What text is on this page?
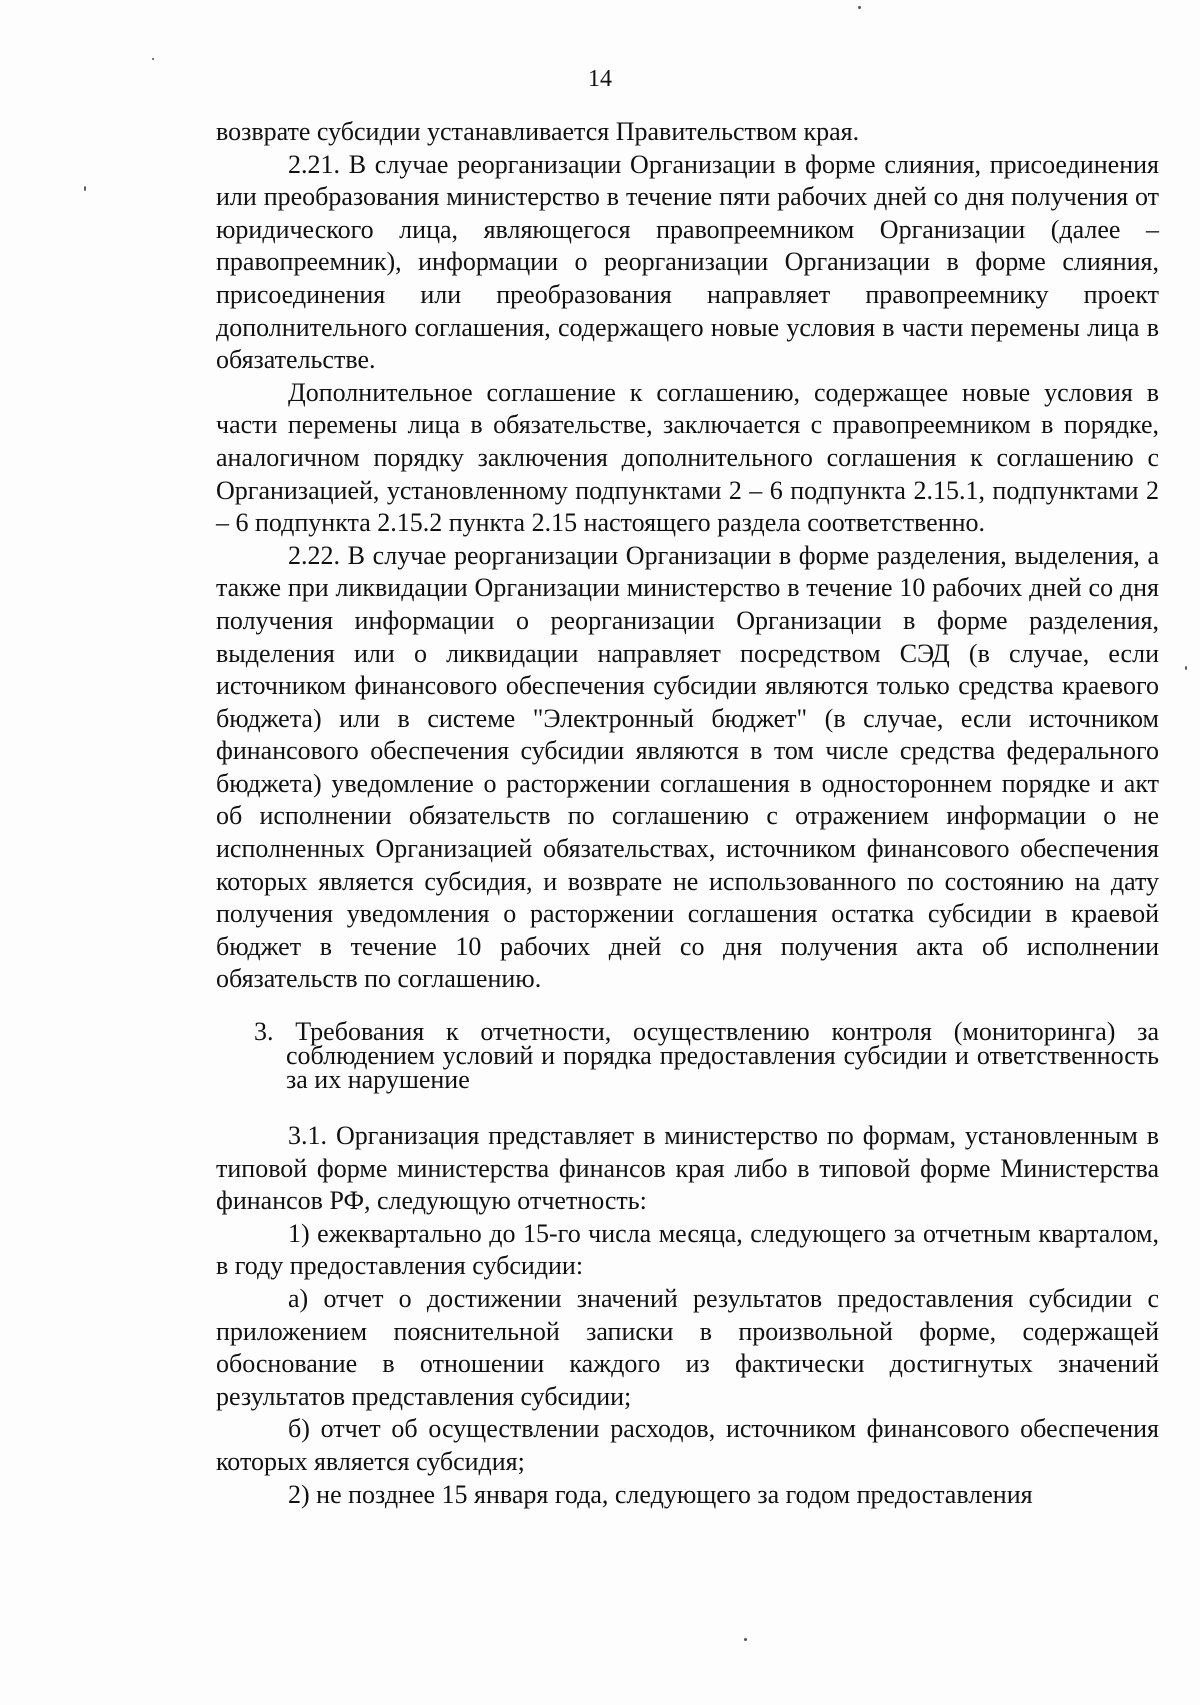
14

возврате субсидии устанавливается Правительством края.

2.21. В случае реорганизации Организации в форме слияния, присоединения или преобразования министерство в течение пяти рабочих дней со дня получения от юридического лица, являющегося правопреемником Организации (далее – правопреемник), информации о реорганизации Организации в форме слияния, присоединения или преобразования направляет правопреемнику проект дополнительного соглашения, содержащего новые условия в части перемены лица в обязательстве.

Дополнительное соглашение к соглашению, содержащее новые условия в части перемены лица в обязательстве, заключается с правопреемником в порядке, аналогичном порядку заключения дополнительного соглашения к соглашению с Организацией, установленному подпунктами 2 – 6 подпункта 2.15.1, подпунктами 2 – 6 подпункта 2.15.2 пункта 2.15 настоящего раздела соответственно.

2.22. В случае реорганизации Организации в форме разделения, выделения, а также при ликвидации Организации министерство в течение 10 рабочих дней со дня получения информации о реорганизации Организации в форме разделения, выделения или о ликвидации направляет посредством СЭД (в случае, если источником финансового обеспечения субсидии являются только средства краевого бюджета) или в системе "Электронный бюджет" (в случае, если источником финансового обеспечения субсидии являются в том числе средства федерального бюджета) уведомление о расторжении соглашения в одностороннем порядке и акт об исполнении обязательств по соглашению с отражением информации о не исполненных Организацией обязательствах, источником финансового обеспечения которых является субсидия, и возврате не использованного по состоянию на дату получения уведомления о расторжении соглашения остатка субсидии в краевой бюджет в течение 10 рабочих дней со дня получения акта об исполнении обязательств по соглашению.

3. Требования к отчетности, осуществлению контроля (мониторинга) за соблюдением условий и порядка предоставления субсидии и ответственность за их нарушение

3.1. Организация представляет в министерство по формам, установленным в типовой форме министерства финансов края либо в типовой форме Министерства финансов РФ, следующую отчетность:

1) ежеквартально до 15-го числа месяца, следующего за отчетным кварталом, в году предоставления субсидии:

а) отчет о достижении значений результатов предоставления субсидии с приложением пояснительной записки в произвольной форме, содержащей обоснование в отношении каждого из фактически достигнутых значений результатов представления субсидии;

б) отчет об осуществлении расходов, источником финансового обеспечения которых является субсидия;

2) не позднее 15 января года, следующего за годом предоставления
